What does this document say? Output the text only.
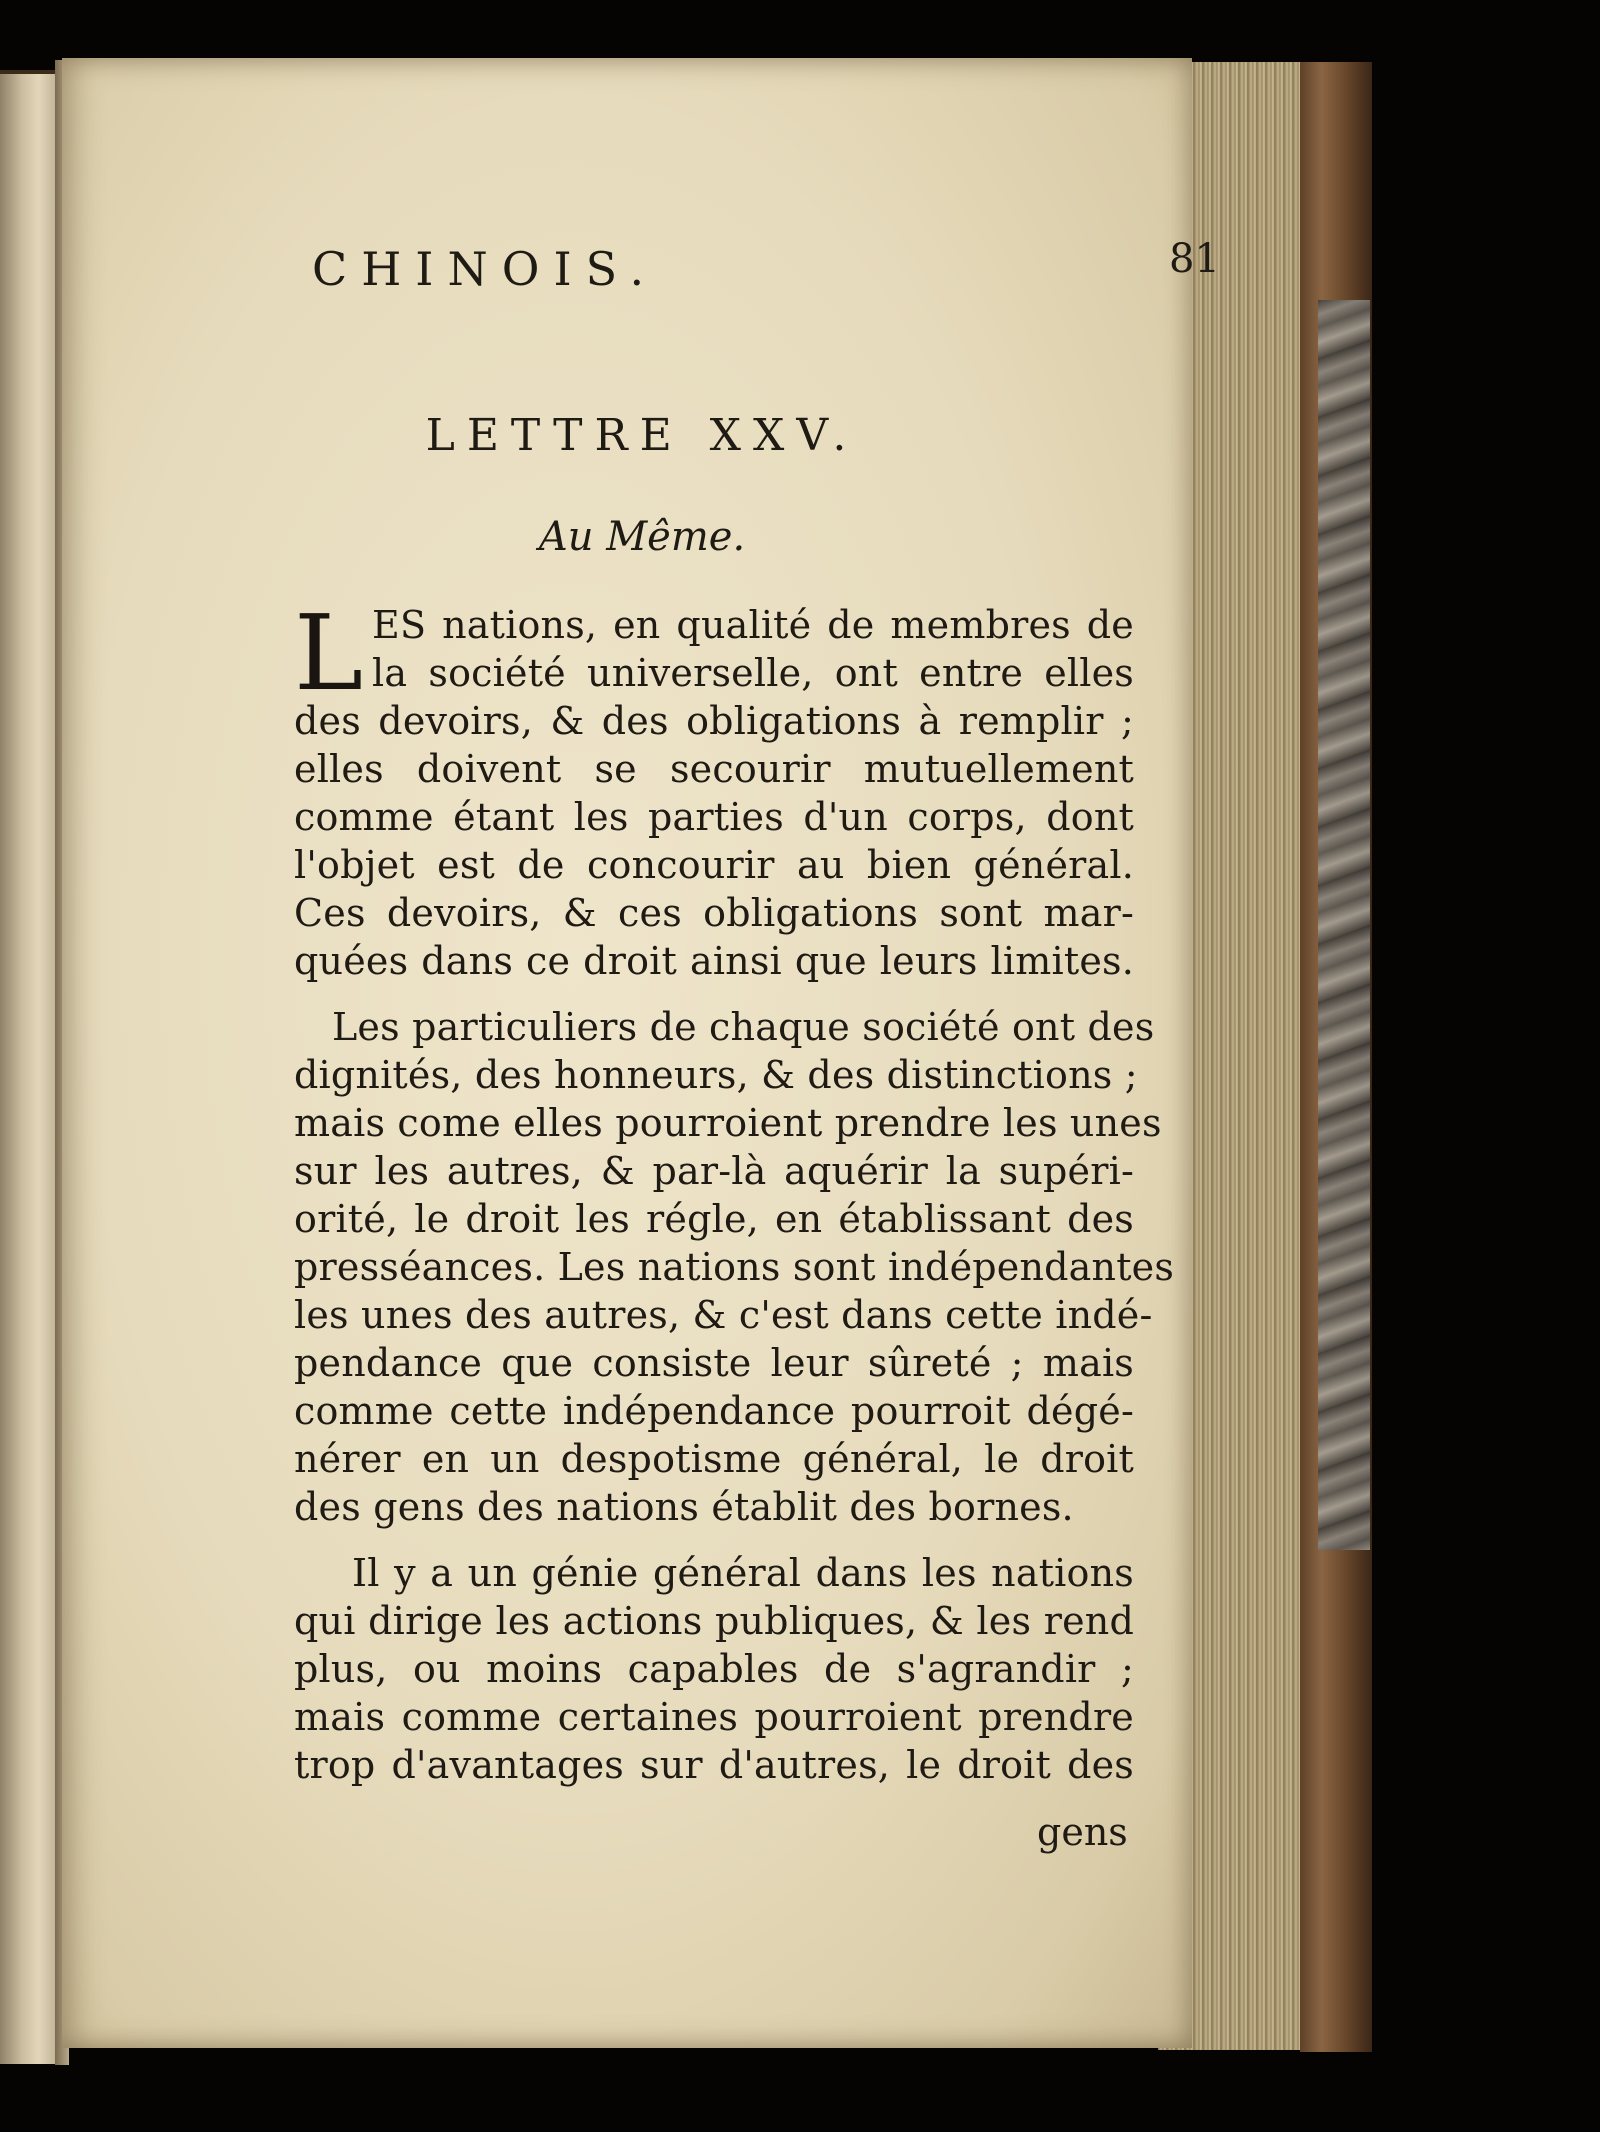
CHINOIS.	81
LETTRE XXV.
Au Même.
L ES nations, en qualité de membres de
la société universelle, ont entre elles
des devoirs, & des obligations à remplir ;
elles doivent se secourir mutuellement
comme étant les parties d'un corps, dont
l'objet est de concourir au bien général.
Ces devoirs, & ces obligations sont mar-
quées dans ce droit ainsi que leurs limites.
Les particuliers de chaque société ont des
dignités, des honneurs, & des distinctions ;
mais come elles pourroient prendre les unes
sur les autres, & par-là aquérir la supéri-
orité, le droit les régle, en établissant des
presséances. Les nations sont indépendantes
les unes des autres, & c'est dans cette indé-
pendance que consiste leur sûreté ; mais
comme cette indépendance pourroit dégé-
nérer en un despotisme général, le droit
des gens des nations établit des bornes.
Il y a un génie général dans les nations
qui dirige les actions publiques, & les rend
plus, ou moins capables de s'agrandir ;
mais comme certaines pourroient prendre
trop d'avantages sur d'autres, le droit des
gens
